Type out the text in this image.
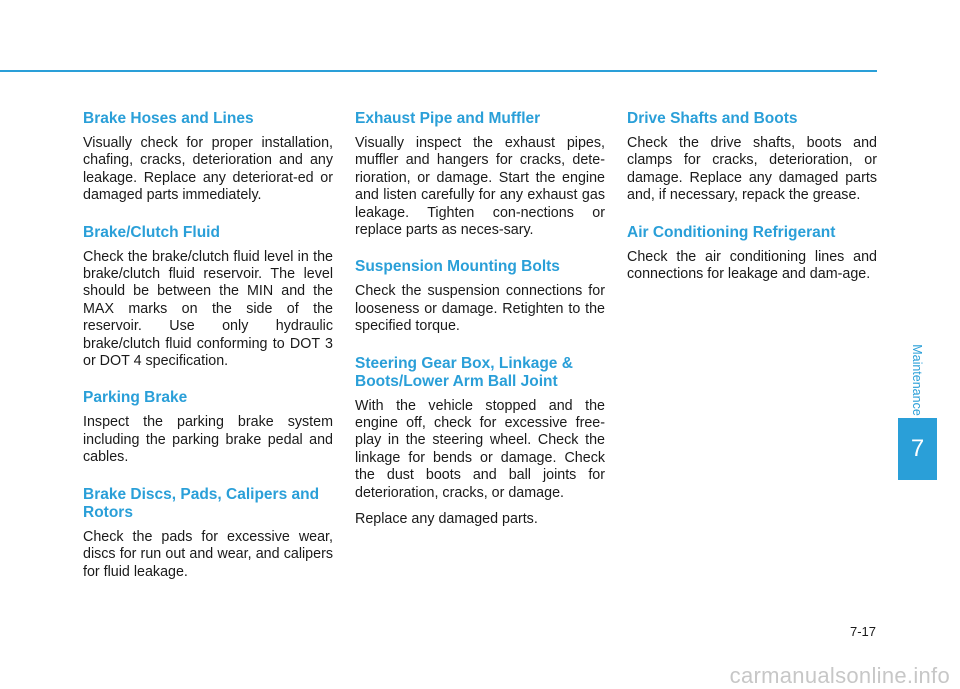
Brake Hoses and Lines

Visually check for proper installation, chafing, cracks, deterioration and any leakage. Replace any deteriorat-ed or damaged parts immediately.

Brake/Clutch Fluid

Check the brake/clutch fluid level in the brake/clutch fluid reservoir. The level should be between the MIN and the MAX marks on the side of the reservoir. Use only hydraulic brake/clutch fluid conforming to DOT 3 or DOT 4 specification.

Parking Brake

Inspect the parking brake system including the parking brake pedal and cables.

Brake Discs, Pads, Calipers and Rotors

Check the pads for excessive wear, discs for run out and wear, and calipers for fluid leakage.

Exhaust Pipe and Muffler

Visually inspect the exhaust pipes, muffler and hangers for cracks, dete-rioration, or damage. Start the engine and listen carefully for any exhaust gas leakage. Tighten con-nections or replace parts as neces-sary.

Suspension Mounting Bolts

Check the suspension connections for looseness or damage. Retighten to the specified torque.

Steering Gear Box, Linkage & Boots/Lower Arm Ball Joint

With the vehicle stopped and the engine off, check for excessive free-play in the steering wheel. Check the linkage for bends or damage. Check the dust boots and ball joints for deterioration, cracks, or damage.

Replace any damaged parts.

Drive Shafts and Boots

Check the drive shafts, boots and clamps for cracks, deterioration, or damage. Replace any damaged parts and, if necessary, repack the grease.

Air Conditioning Refrigerant

Check the air conditioning lines and connections for leakage and dam-age.

Maintenance
7
7-17
carmanualsonline.info
